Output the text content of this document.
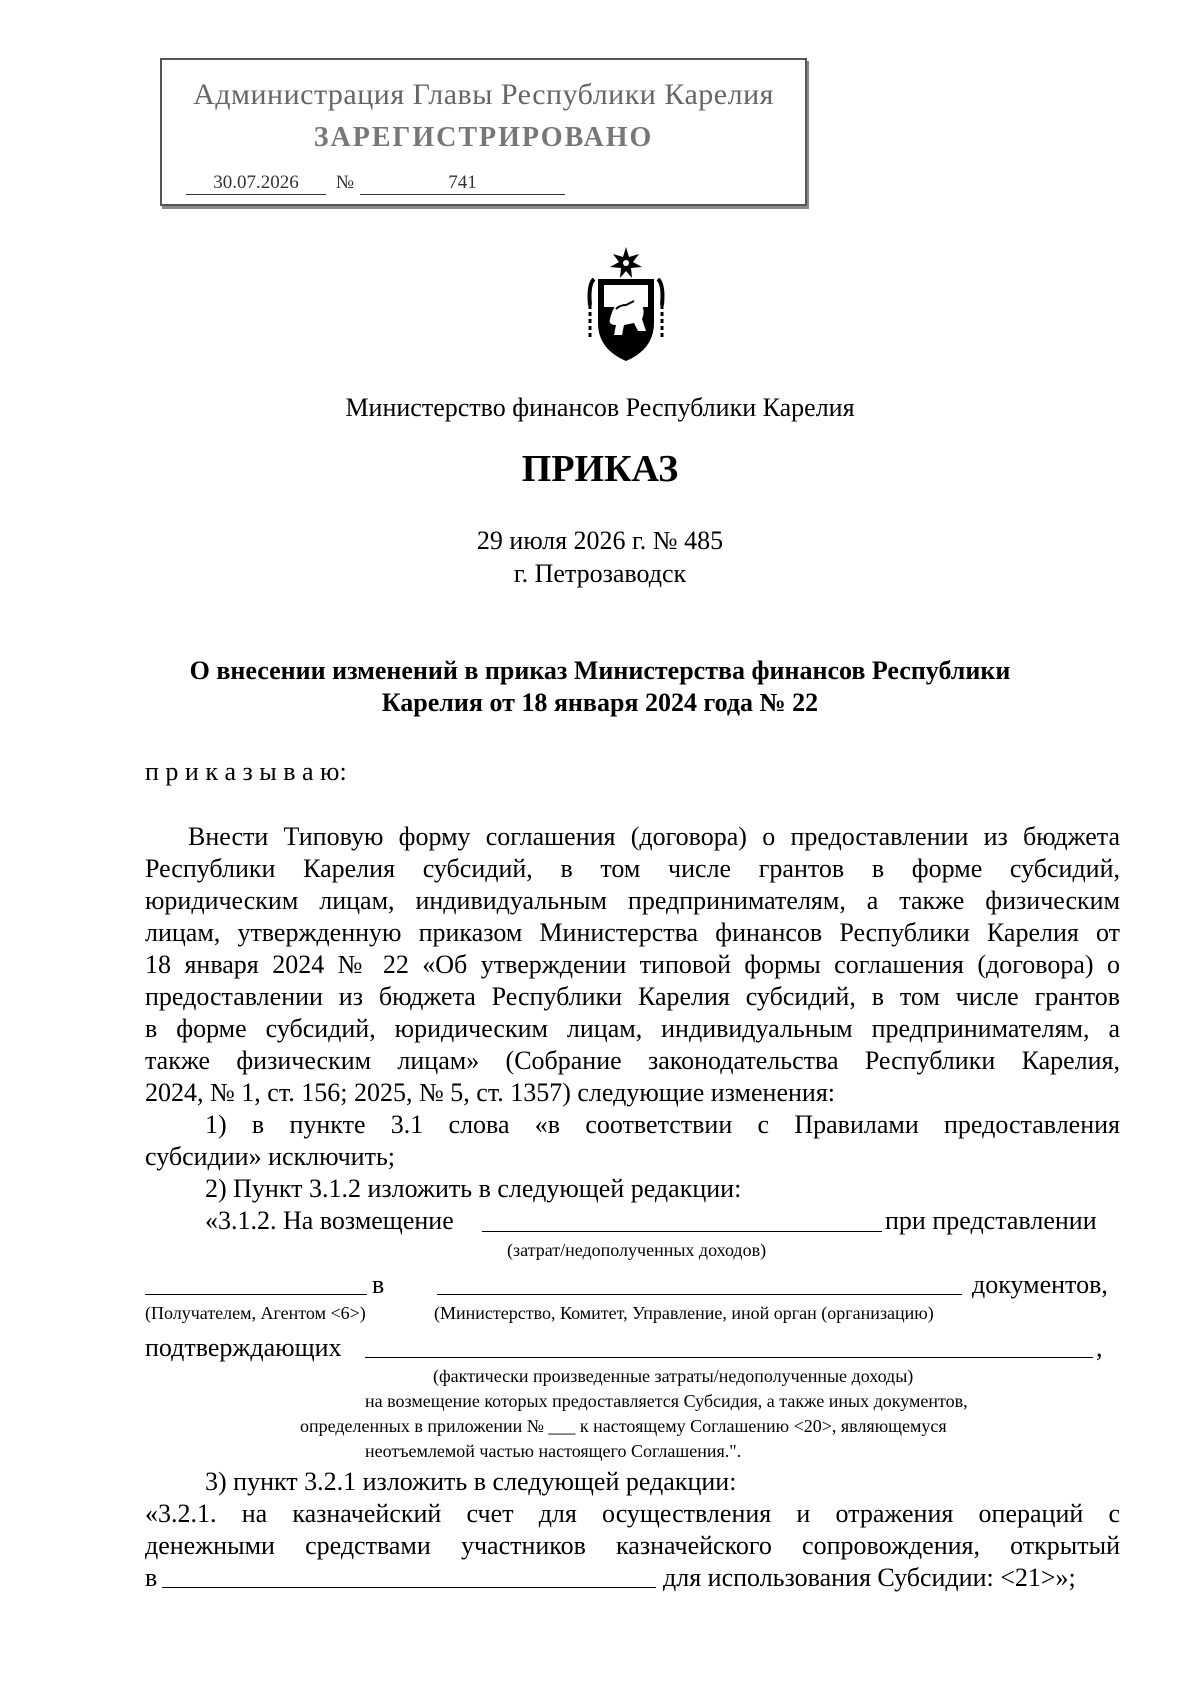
Администрация Главы Республики Карелия
ЗАРЕГИСТРИРОВАНО
30.07.2026 №	741
Министерство финансов Республики Карелия
ПРИКАЗ
29 июля 2026 г. № 485
г. Петрозаводск
О внесении изменений в приказ Министерства финансов Республики
Карелия от 18 января 2024 года № 22
п р и к а з ы в а ю:
Внести Типовую форму соглашения (договора) о предоставлении из бюджета
Республики Карелия субсидий, в том числе грантов в форме субсидий,
юридическим лицам, индивидуальным предпринимателям, а также физическим
лицам, утвержденную приказом Министерства финансов Республики Карелия от
18 января 2024 № 22 «Об утверждении типовой формы соглашения (договора) о
предоставлении из бюджета Республики Карелия субсидий, в том числе грантов
в форме субсидий, юридическим лицам, индивидуальным предпринимателям, а
также физическим лицам» (Собрание законодательства Республики Карелия,
2024, № 1, ст. 156; 2025, № 5, ст. 1357) следующие изменения:
1) в пункте 3.1 слова «в соответствии с Правилами предоставления
субсидии» исключить;
2) Пункт 3.1.2 изложить в следующей редакции:
«3.1.2. На возмещение	при представлении
(затрат/недополученных доходов)
в	документов,
(Получателем, Агентом <6>)	(Министерство, Комитет, Управление, иной орган (организацию)
подтверждающих	,
(фактически произведенные затраты/недополученные доходы)
на возмещение которых предоставляется Субсидия, а также иных документов,
определенных в приложении № ___ к настоящему Соглашению <20>, являющемуся
неотъемлемой частью настоящего Соглашения.".
3) пункт 3.2.1 изложить в следующей редакции:
«3.2.1. на казначейский счет для осуществления и отражения операций с
денежными средствами участников казначейского сопровождения, открытый
в	для использования Субсидии: <21>»;
